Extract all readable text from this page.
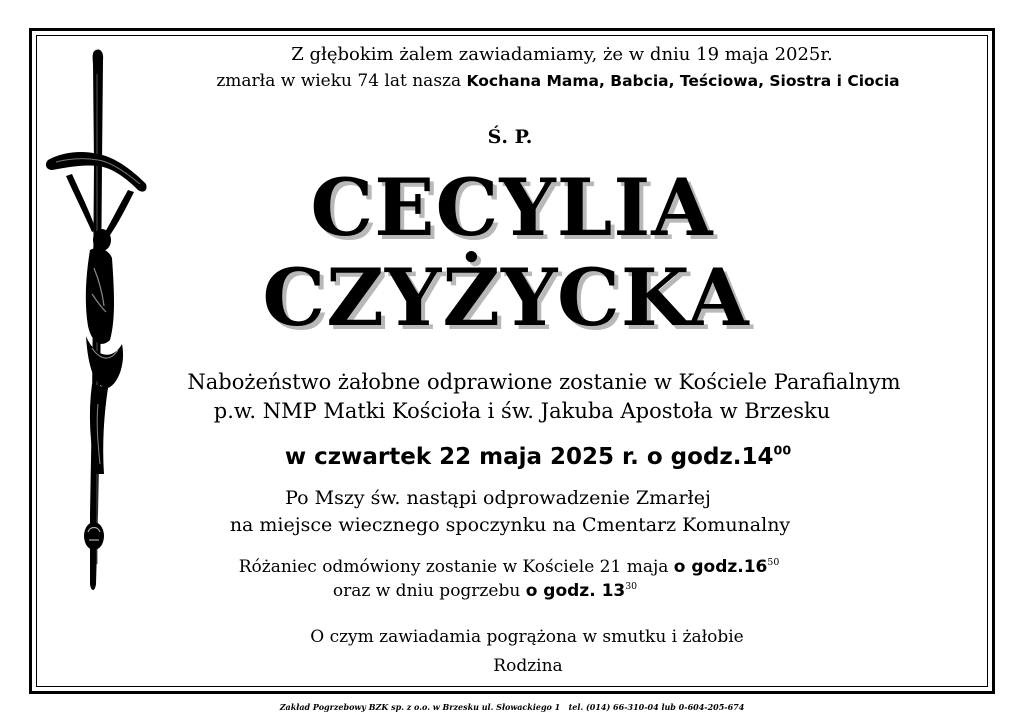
Z głębokim żalem zawiadamiamy, że w dniu 19 maja 2025r.
zmarła w wieku 74 lat nasza Kochana Mama, Babcia, Teściowa, Siostra i Ciocia
Ś. P.
CECYLIA
CZYŻYCKA
Nabożeństwo żałobne odprawione zostanie w Kościele Parafialnym
p.w. NMP Matki Kościoła i św. Jakuba Apostoła w Brzesku
w czwartek 22 maja 2025 r. o $godz.14^{00}$
Po Mszy św. nastąpi odprowadzenie Zmarłej
na miejsce wiecznego spoczynku na Cmentarz Komunalny
Różaniec odmówiony zostanie w Kościele 21 maja o $godz.16^{50}$
oraz w dniu pogrzebu o godz. $13^{30}$
O czym zawiadamia pogrążona w smutku i żałobie
Rodzina
Zakład Pogrzebowy BZK sp. z o.o. w Brzesku ul. Słowackiego 1 tel. (014) 66-310-04 lub 0-604-205-674
